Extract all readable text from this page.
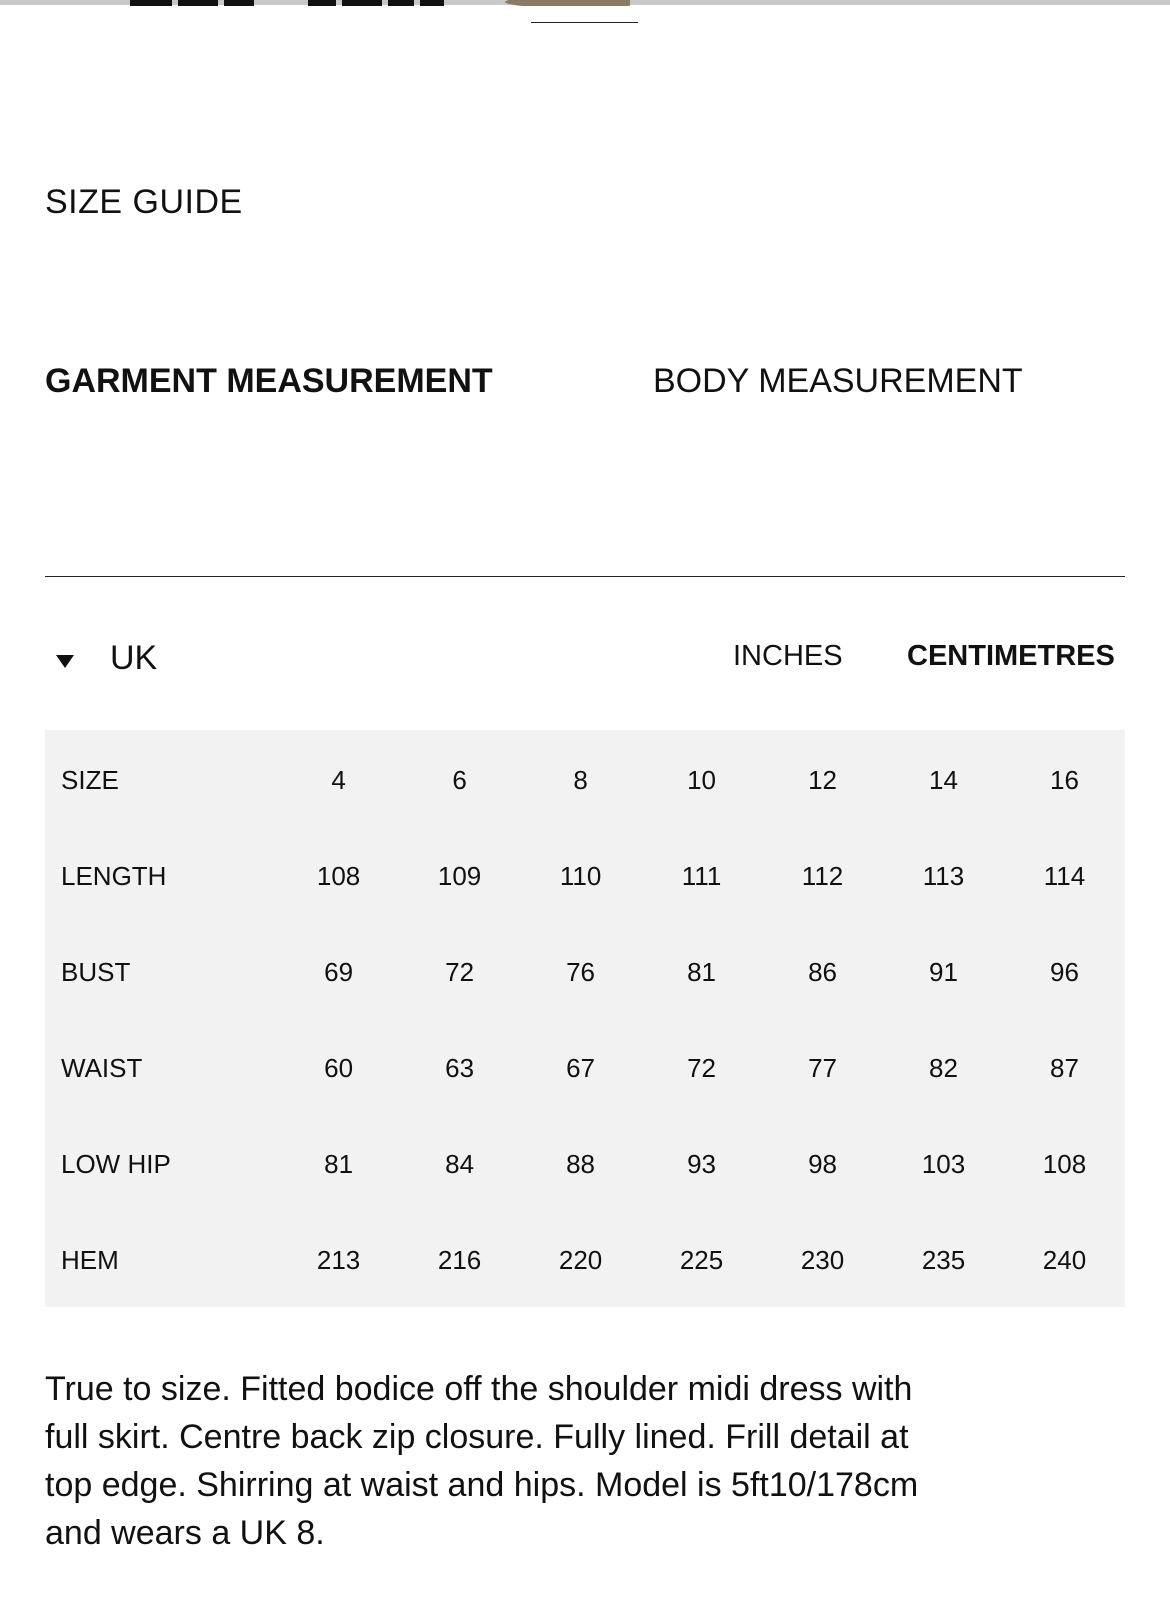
SIZE GUIDE
GARMENT MEASUREMENT	BODY MEASUREMENT
UK	INCHES CENTIMETRES
SIZE	4	6	8	10	12	14	16
LENGTH	108	109	110	111	112	113	114
BUST	69	72	76	81	86	91	96
WAIST	60	63	67	72	77	82	87
LOW HIP	81	84	88	93	98	103	108
HEM	213	216	220	225	230	235	240
True to size. Fitted bodice off the shoulder midi dress with full skirt. Centre back zip closure. Fully lined. Frill detail at top edge. Shirring at waist and hips. Model is 5ft10/178cm and wears a UK 8.
